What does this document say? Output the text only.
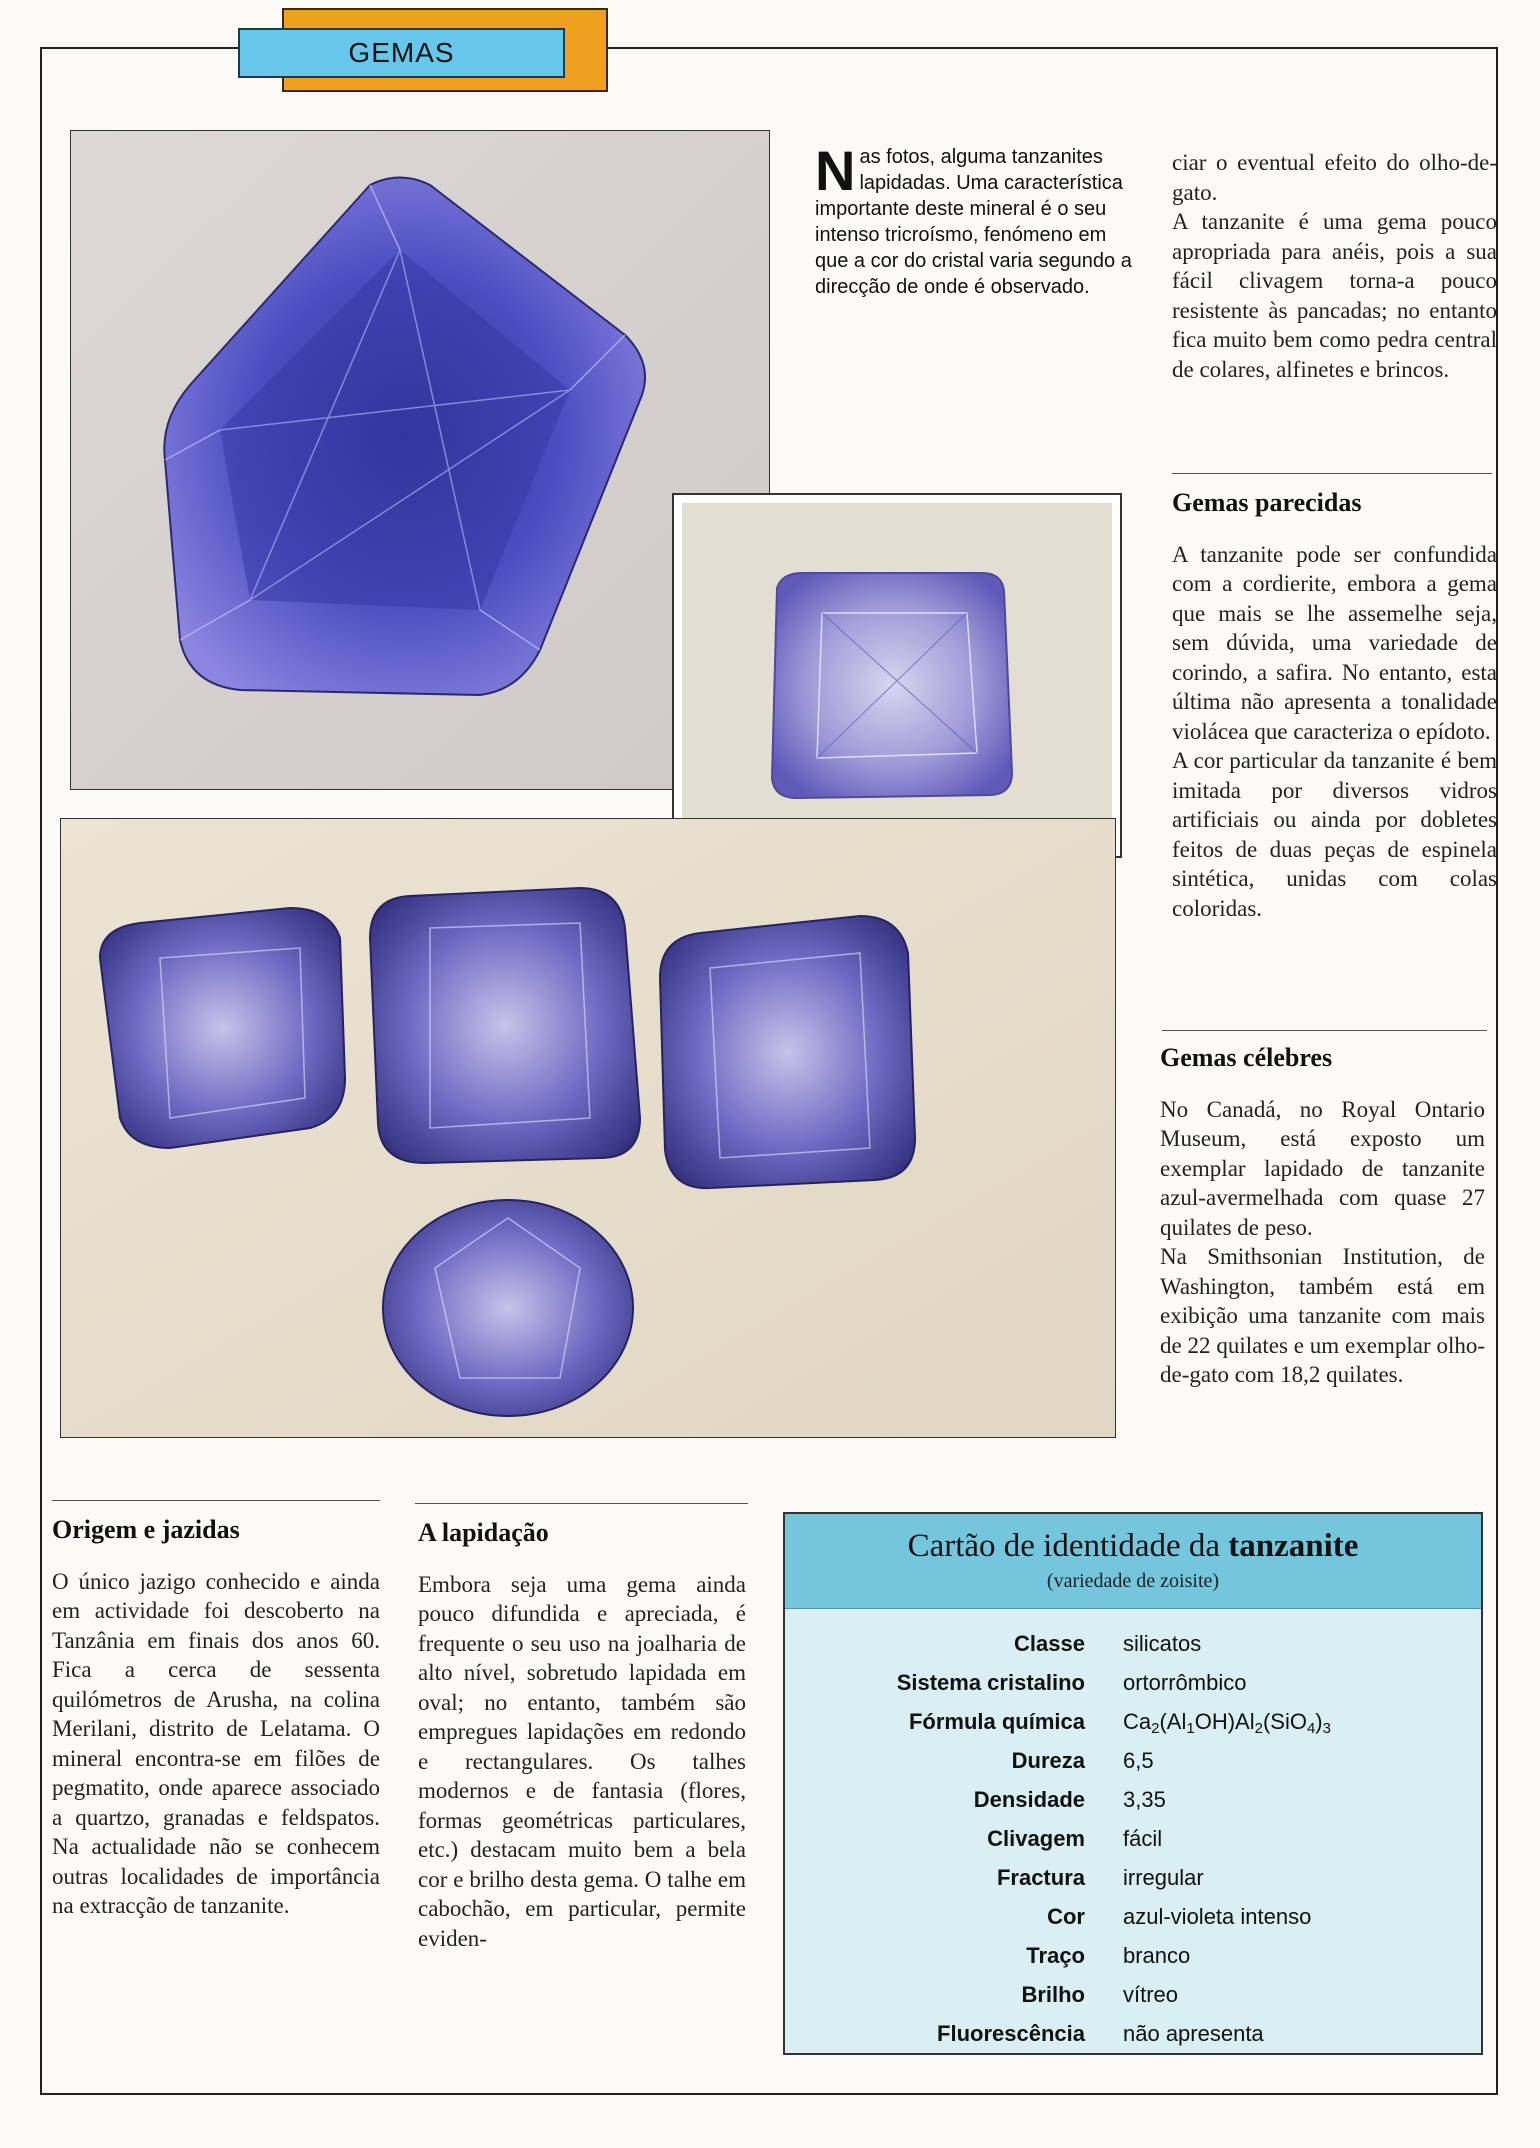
GEMAS
Nas fotos, alguma tanzanites lapidadas. Uma característica importante deste mineral é o seu intenso tricroísmo, fenómeno em que a cor do cristal varia segundo a direcção de onde é observado.

ciar o eventual efeito do olho-de-gato.

A tanzanite é uma gema pouco apropriada para anéis, pois a sua fácil clivagem torna-a pouco resistente às pancadas; no entanto fica muito bem como pedra central de colares, alfinetes e brincos.

Gemas parecidas

A tanzanite pode ser confundida com a cordierite, embora a gema que mais se lhe assemelhe seja, sem dúvida, uma variedade de corindo, a safira. No entanto, esta última não apresenta a tonalidade violácea que caracteriza o epídoto.

A cor particular da tanzanite é bem imitada por diversos vidros artificiais ou ainda por dobletes feitos de duas peças de espinela sintética, unidas com colas coloridas.

Gemas célebres

No Canadá, no Royal Ontario Museum, está exposto um exemplar lapidado de tanzanite azul-avermelhada com quase 27 quilates de peso.

Na Smithsonian Institution, de Washington, também está em exibição uma tanzanite com mais de 22 quilates e um exemplar olho-de-gato com 18,2 quilates.

Origem e jazidas

O único jazigo conhecido e ainda em actividade foi descoberto na Tanzânia em finais dos anos 60. Fica a cerca de sessenta quilómetros de Arusha, na colina Merilani, distrito de Lelatama. O mineral encontra-se em filões de pegmatito, onde aparece associado a quartzo, granadas e feldspatos. Na actualidade não se conhecem outras localidades de importância na extracção de tanzanite.

A lapidação

Embora seja uma gema ainda pouco difundida e apreciada, é frequente o seu uso na joalharia de alto nível, sobretudo lapidada em oval; no entanto, também são empregues lapidações em redondo e rectangulares. Os talhes modernos e de fantasia (flores, formas geométricas particulares, etc.) destacam muito bem a bela cor e brilho desta gema. O talhe em cabochão, em particular, permite eviden-

Cartão de identidade da tanzanite
(variedade de zoisite)
Classe	silicatos
Sistema cristalino	ortorrômbico
Fórmula química	$Ca_2(Al_1OH)Al_2(SiO_4)_3$
Dureza	6,5
Densidade	3,35
Clivagem	fácil
Fractura	irregular
Cor	azul-violeta intenso
Traço	branco
Brilho	vítreo
Fluorescência	não apresenta
